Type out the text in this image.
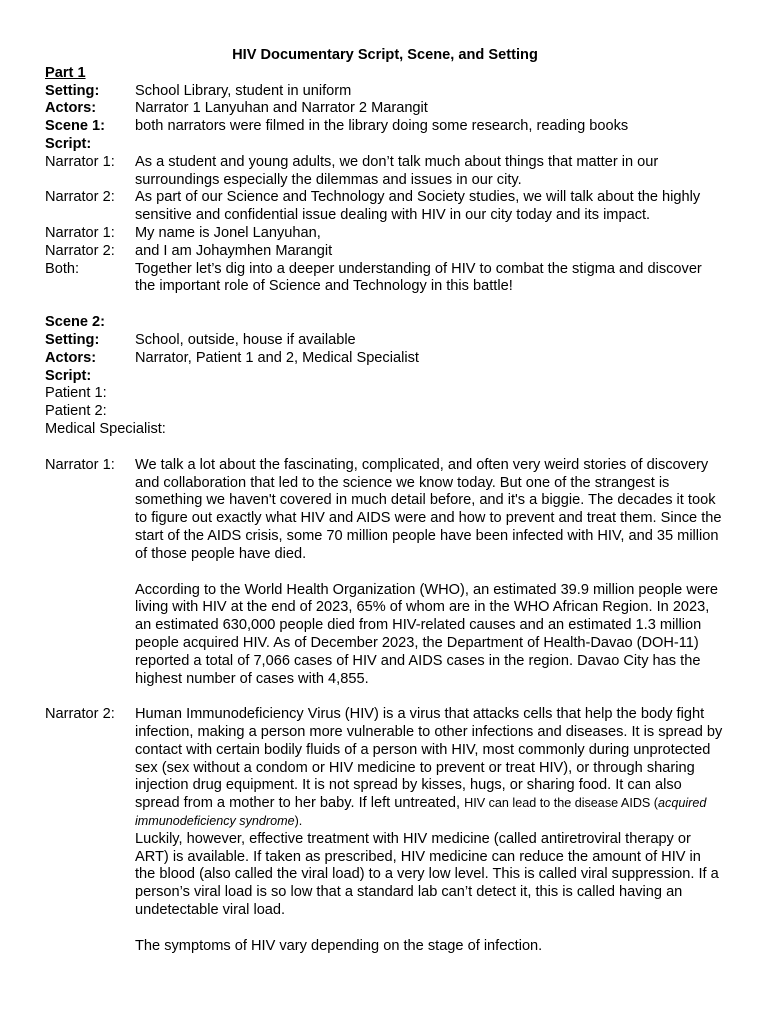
HIV Documentary Script, Scene, and Setting
Part 1
Setting:	School Library, student in uniform
Actors:	Narrator 1 Lanyuhan and Narrator 2 Marangit
Scene 1:	both narrators were filmed in the library doing some research, reading books
Script:
Narrator 1:	As a student and young adults, we don’t talk much about things that matter in our surroundings especially the dilemmas and issues in our city.
Narrator 2:	As part of our Science and Technology and Society studies, we will talk about the highly sensitive and confidential issue dealing with HIV in our city today and its impact.
Narrator 1:	My name is Jonel Lanyuhan,
Narrator 2:	and I am Johaymhen Marangit
Both:	Together let’s dig into a deeper understanding of HIV to combat the stigma and discover the important role of Science and Technology in this battle!
Scene 2:
Setting:	School, outside, house if available
Actors:	Narrator, Patient 1 and 2, Medical Specialist
Script:
Patient 1:
Patient 2:
Medical Specialist:
Narrator 1:	We talk a lot about the fascinating, complicated, and often very weird stories of discovery and collaboration that led to the science we know today. But one of the strangest is something we haven't covered in much detail before, and it's a biggie. The decades it took to figure out exactly what HIV and AIDS were and how to prevent and treat them. Since the start of the AIDS crisis, some 70 million people have been infected with HIV, and 35 million of those people have died.

According to the World Health Organization (WHO), an estimated 39.9 million people were living with HIV at the end of 2023, 65% of whom are in the WHO African Region. In 2023, an estimated 630,000 people died from HIV-related causes and an estimated 1.3 million people acquired HIV. As of December 2023, the Department of Health-Davao (DOH-11) reported a total of 7,066 cases of HIV and AIDS cases in the region. Davao City has the highest number of cases with 4,855.

Narrator 2:	Human Immunodeficiency Virus (HIV) is a virus that attacks cells that help the body fight infection, making a person more vulnerable to other infections and diseases. It is spread by contact with certain bodily fluids of a person with HIV, most commonly during unprotected sex (sex without a condom or HIV medicine to prevent or treat HIV), or through sharing injection drug equipment. It is not spread by kisses, hugs, or sharing food. It can also spread from a mother to her baby. If left untreated, HIV can lead to the disease AIDS (acquired immunodeficiency syndrome).

Luckily, however, effective treatment with HIV medicine (called antiretroviral therapy or ART) is available. If taken as prescribed, HIV medicine can reduce the amount of HIV in the blood (also called the viral load) to a very low level. This is called viral suppression. If a person’s viral load is so low that a standard lab can’t detect it, this is called having an undetectable viral load.

The symptoms of HIV vary depending on the stage of infection.
